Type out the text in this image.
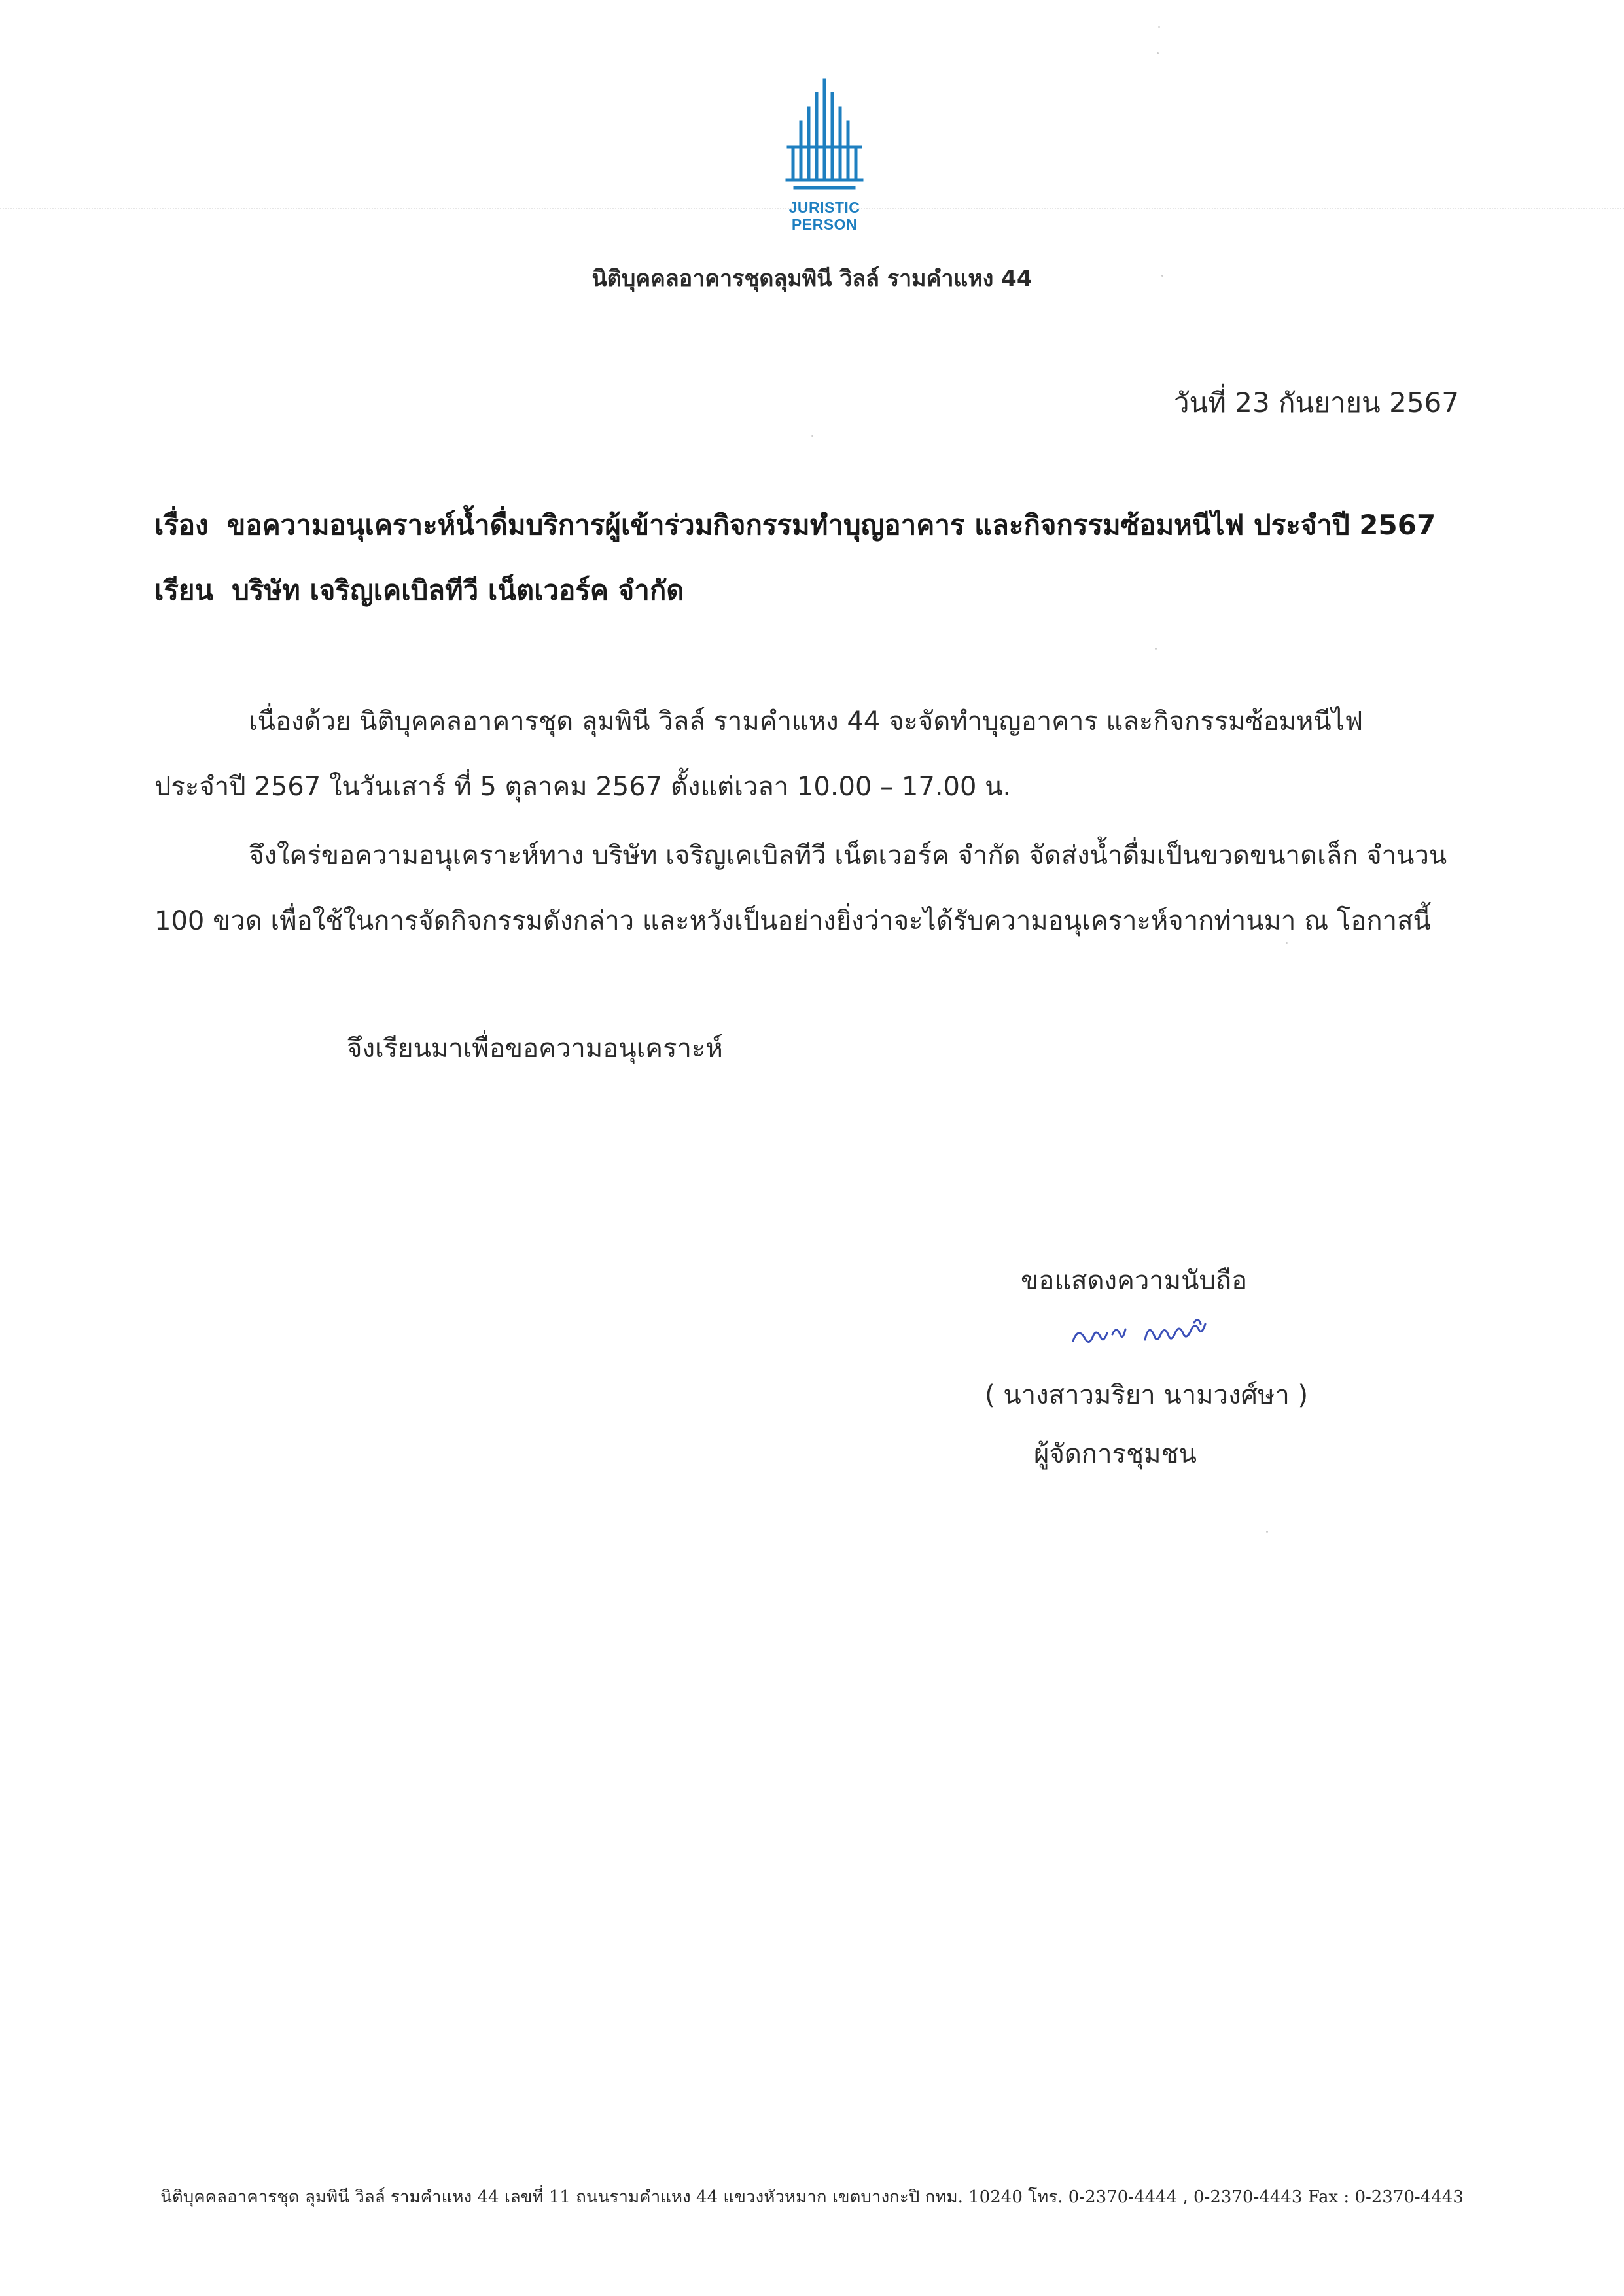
JURISTIC
PERSON
นิติบุคคลอาคารชุดลุมพินี วิลล์ รามคำแหง 44
วันที่ 23 กันยายน 2567
เรื่อง ขอความอนุเคราะห์น้ำดื่มบริการผู้เข้าร่วมกิจกรรมทำบุญอาคาร และกิจกรรมซ้อมหนีไฟ ประจำปี 2567
เรียน บริษัท เจริญเคเบิลทีวี เน็ตเวอร์ค จำกัด
เนื่องด้วย นิติบุคคลอาคารชุด ลุมพินี วิลล์ รามคำแหง 44 จะจัดทำบุญอาคาร และกิจกรรมซ้อมหนีไฟ
ประจำปี 2567 ในวันเสาร์ ที่ 5 ตุลาคม 2567 ตั้งแต่เวลา 10.00 – 17.00 น.
จึงใคร่ขอความอนุเคราะห์ทาง บริษัท เจริญเคเบิลทีวี เน็ตเวอร์ค จำกัด จัดส่งน้ำดื่มเป็นขวดขนาดเล็ก จำนวน
100 ขวด เพื่อใช้ในการจัดกิจกรรมดังกล่าว และหวังเป็นอย่างยิ่งว่าจะได้รับความอนุเคราะห์จากท่านมา ณ โอกาสนี้
จึงเรียนมาเพื่อขอความอนุเคราะห์
ขอแสดงความนับถือ
( นางสาวมริยา นามวงศ์ษา )
ผู้จัดการชุมชน
นิติบุคคลอาคารชุด ลุมพินี วิลล์ รามคำแหง 44 เลขที่ 11 ถนนรามคำแหง 44 แขวงหัวหมาก เขตบางกะปิ กทม. 10240 โทร. 0-2370-4444 , 0-2370-4443 Fax : 0-2370-4443
